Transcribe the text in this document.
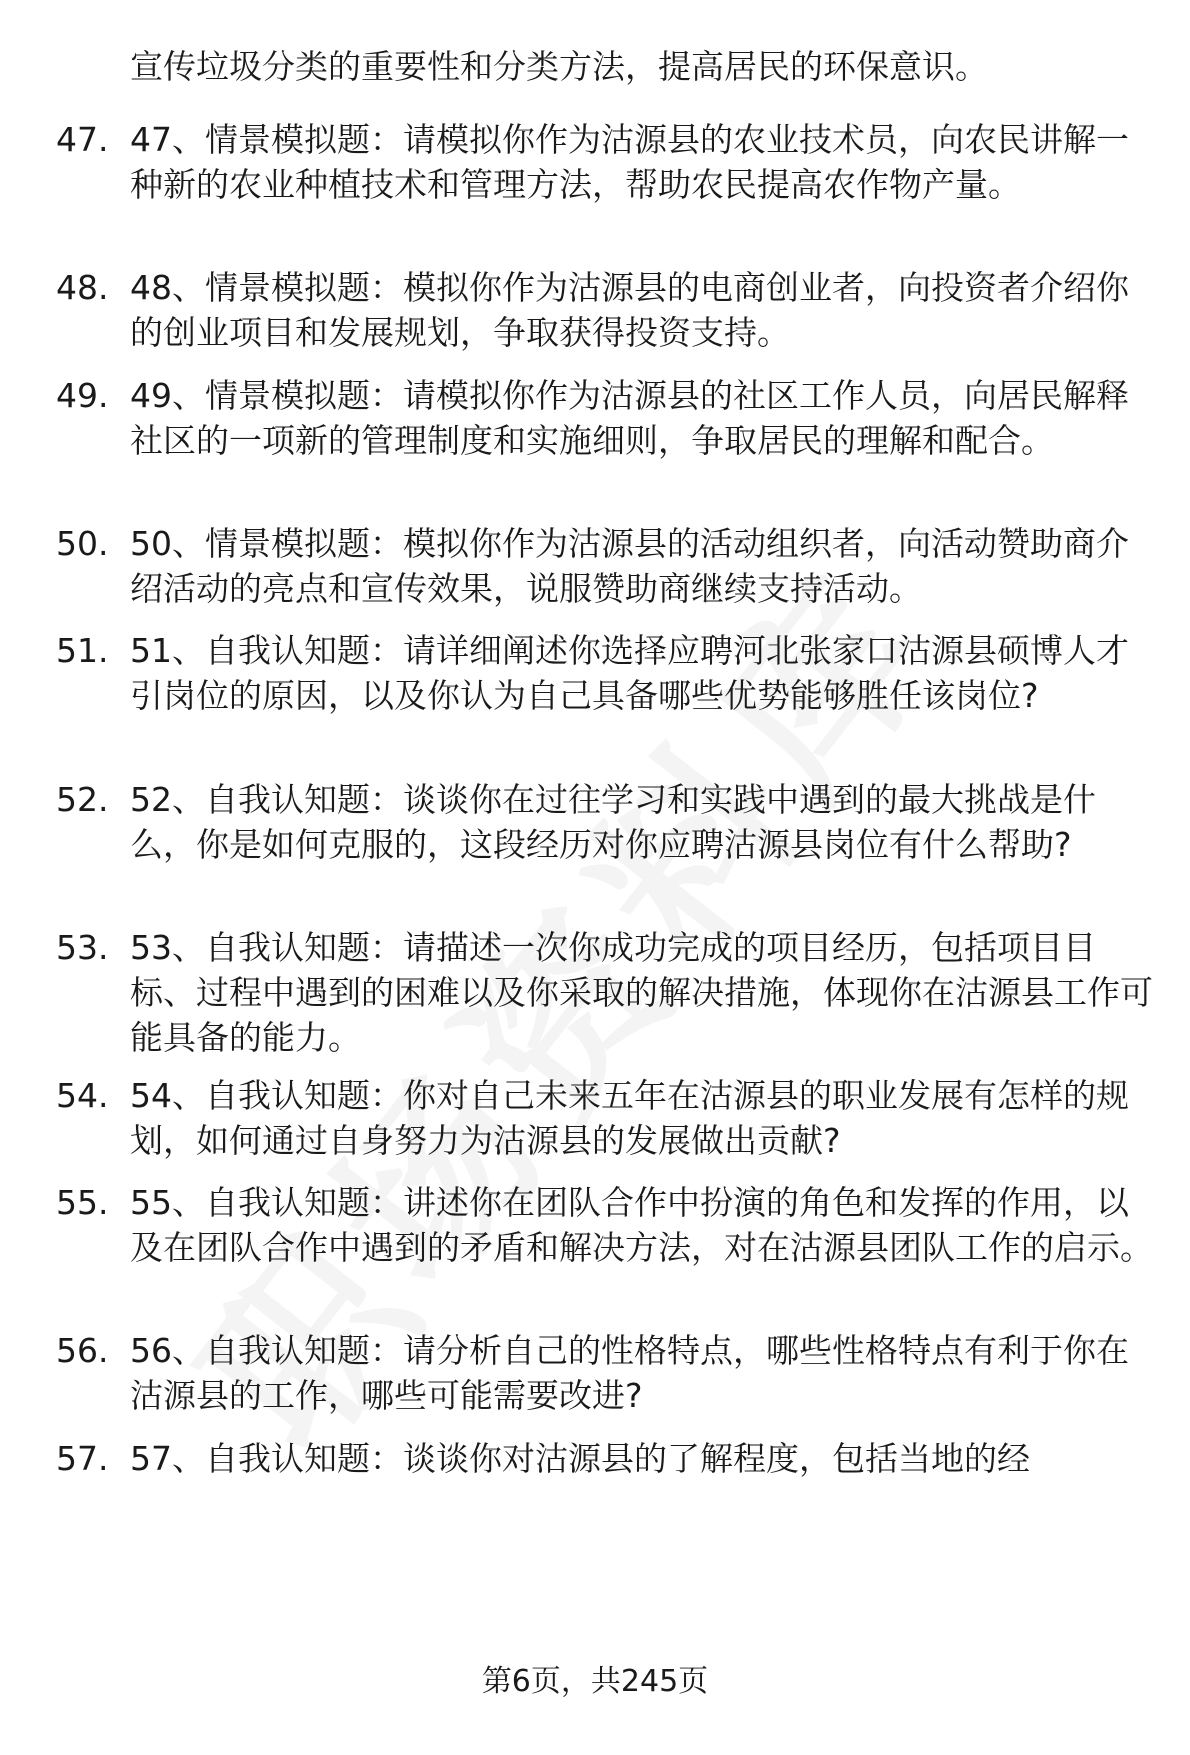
宣传垃圾分类的重要性和分类方法，提高居民的环保意识。
47. 47、情景模拟题：请模拟你作为沽源县的农业技术员，向农民讲解一种新的农业种植技术和管理方法，帮助农民提高农作物产量。
48. 48、情景模拟题：模拟你作为沽源县的电商创业者，向投资者介绍你的创业项目和发展规划，争取获得投资支持。
49. 49、情景模拟题：请模拟你作为沽源县的社区工作人员，向居民解释社区的一项新的管理制度和实施细则，争取居民的理解和配合。
50. 50、情景模拟题：模拟你作为沽源县的活动组织者，向活动赞助商介绍活动的亮点和宣传效果，说服赞助商继续支持活动。
51. 51、自我认知题：请详细阐述你选择应聘河北张家口沽源县硕博人才引岗位的原因，以及你认为自己具备哪些优势能够胜任该岗位?
52. 52、自我认知题：谈谈你在过往学习和实践中遇到的最大挑战是什么，你是如何克服的，这段经历对你应聘沽源县岗位有什么帮助?
53. 53、自我认知题：请描述一次你成功完成的项目经历，包括项目目标、过程中遇到的困难以及你采取的解决措施，体现你在沽源县工作可能具备的能力。
54. 54、自我认知题：你对自己未来五年在沽源县的职业发展有怎样的规划，如何通过自身努力为沽源县的发展做出贡献?
55. 55、自我认知题：讲述你在团队合作中扮演的角色和发挥的作用，以及在团队合作中遇到的矛盾和解决方法，对在沽源县团队工作的启示。
56. 56、自我认知题：请分析自己的性格特点，哪些性格特点有利于你在沽源县的工作，哪些可能需要改进?
57. 57、自我认知题：谈谈你对沽源县的了解程度，包括当地的经
第6页，共245页
